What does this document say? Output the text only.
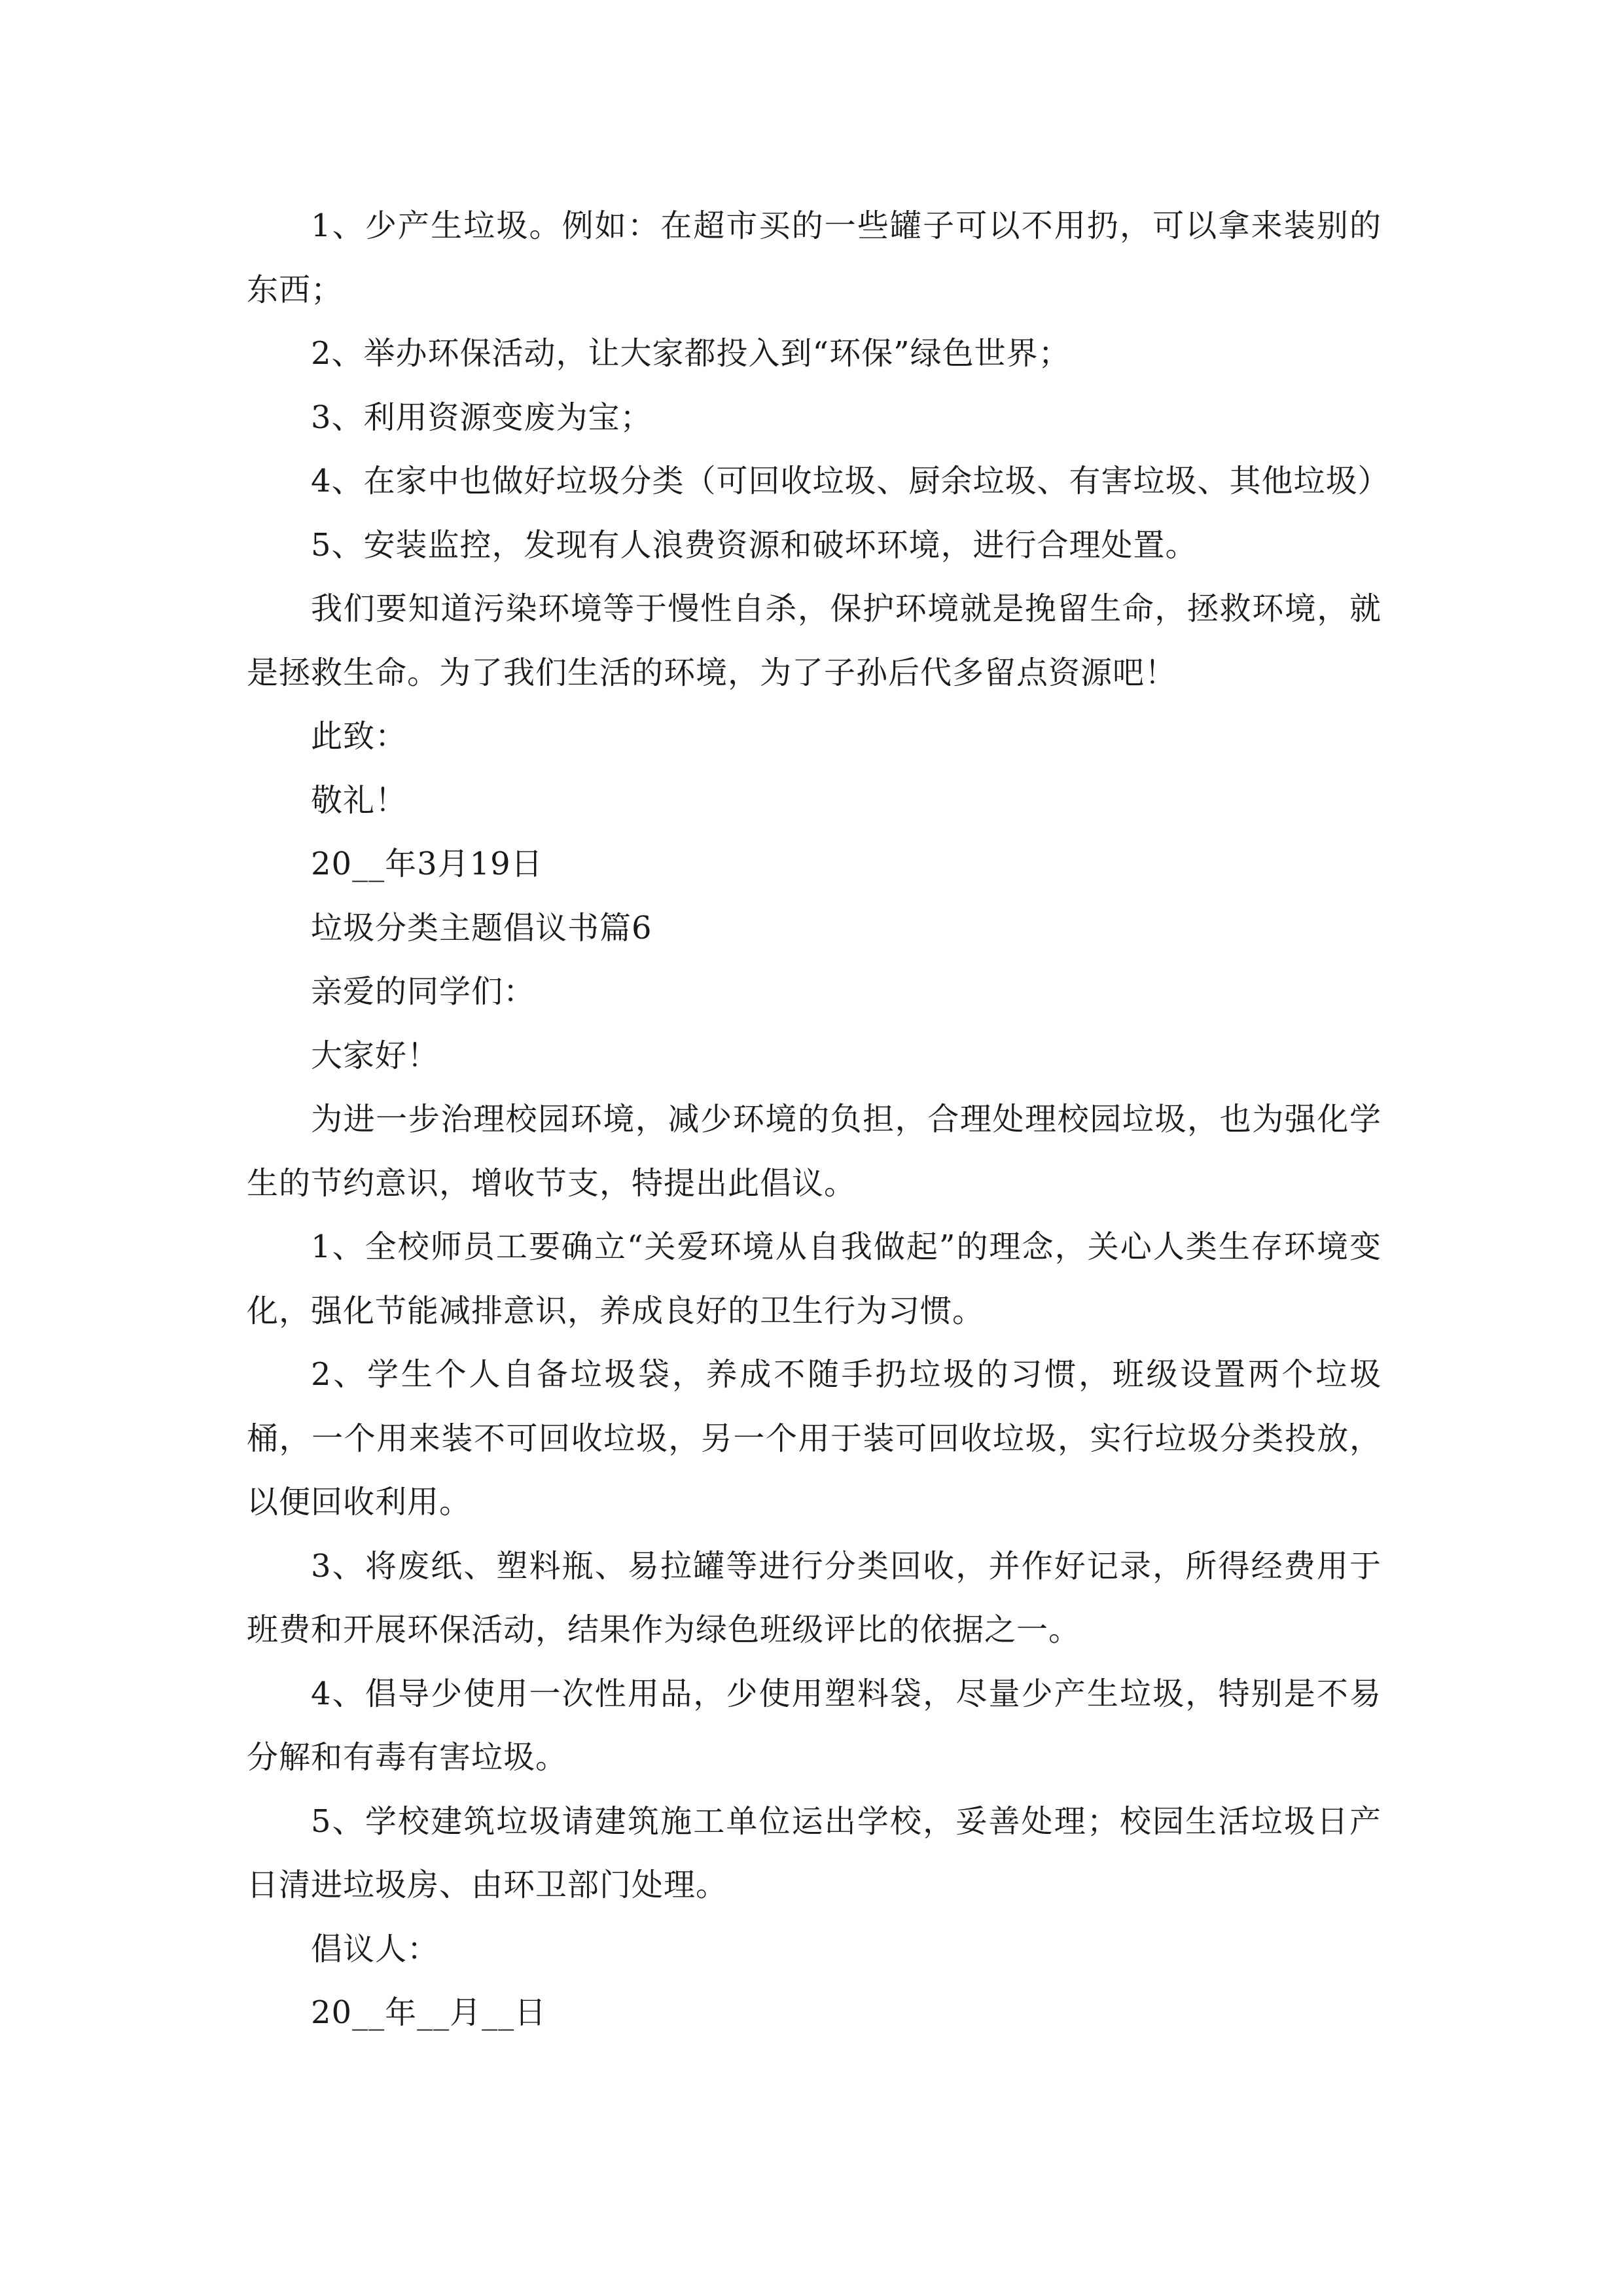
1、少产生垃圾。例如：在超市买的一些罐子可以不用扔，可以拿来装别的东西；

2、举办环保活动，让大家都投入到“环保”绿色世界；

3、利用资源变废为宝；

4、在家中也做好垃圾分类（可回收垃圾、厨余垃圾、有害垃圾、其他垃圾）

5、安装监控，发现有人浪费资源和破坏环境，进行合理处置。

我们要知道污染环境等于慢性自杀，保护环境就是挽留生命，拯救环境，就是拯救生命。为了我们生活的环境，为了子孙后代多留点资源吧！

此致：

敬礼！

20__年3月19日

垃圾分类主题倡议书篇6

亲爱的同学们：

大家好！

为进一步治理校园环境，减少环境的负担，合理处理校园垃圾，也为强化学生的节约意识，增收节支，特提出此倡议。

1、全校师员工要确立“关爱环境从自我做起”的理念，关心人类生存环境变化，强化节能减排意识，养成良好的卫生行为习惯。

2、学生个人自备垃圾袋，养成不随手扔垃圾的习惯，班级设置两个垃圾桶，一个用来装不可回收垃圾，另一个用于装可回收垃圾，实行垃圾分类投放，以便回收利用。

3、将废纸、塑料瓶、易拉罐等进行分类回收，并作好记录，所得经费用于班费和开展环保活动，结果作为绿色班级评比的依据之一。

4、倡导少使用一次性用品，少使用塑料袋，尽量少产生垃圾，特别是不易分解和有毒有害垃圾。

5、学校建筑垃圾请建筑施工单位运出学校，妥善处理；校园生活垃圾日产日清进垃圾房、由环卫部门处理。

倡议人：

20__年__月__日
